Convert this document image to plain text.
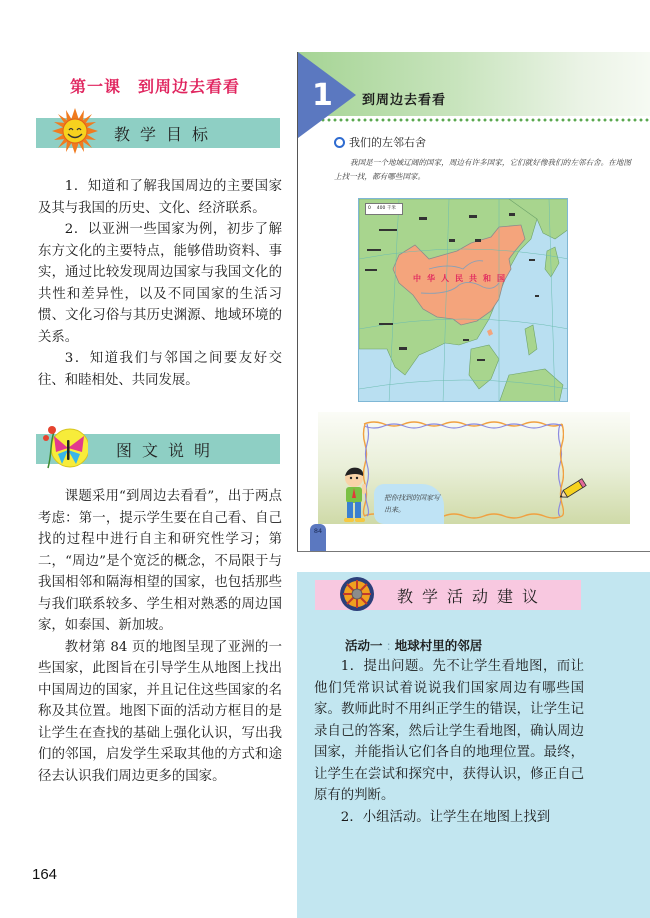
第一课　到周边去看看
教学目标

1．知道和了解我国周边的主要国家及其与我国的历史、文化、经济联系。

2．以亚洲一些国家为例，初步了解东方文化的主要特点，能够借助资料、事实，通过比较发现周边国家与我国文化的共性和差异性，以及不同国家的生活习惯、文化习俗与其历史渊源、地域环境的关系。

3．知道我们与邻国之间要友好交往、和睦相处、共同发展。

图文说明

课题采用“到周边去看看”，出于两点考虑：第一，提示学生要在自己看、自己找的过程中进行自主和研究性学习；第二，“周边”是个宽泛的概念，不局限于与我国相邻和隔海相望的国家，也包括那些与我们联系较多、学生相对熟悉的周边国家，如泰国、新加坡。

教材第 84 页的地图呈现了亚洲的一些国家，此图旨在引导学生从地图上找出中国周边的国家，并且记住这些国家的名称及其位置。地图下面的活动方框目的是让学生在查找的基础上强化认识，写出我们的邻国，启发学生采取其他的方式和途径去认识我们周边更多的国家。

164
1 到周边去看看
我们的左邻右舍
我国是一个地域辽阔的国家，周边有许多国家，它们就好像我们的左邻右舍。在地图上找一找，都有哪些国家。
0 　400 千米
中华人民共和国
把你找到的国家写出来。
84
教学活动建议
活动一 : 地球村里的邻居

1．提出问题。先不让学生看地图，而让他们凭常识试着说说我们国家周边有哪些国家。教师此时不用纠正学生的错误，让学生记录自己的答案，然后让学生看地图，确认周边国家，并能指认它们各自的地理位置。最终，让学生在尝试和探究中，获得认识，修正自己原有的判断。

2．小组活动。让学生在地图上找到
